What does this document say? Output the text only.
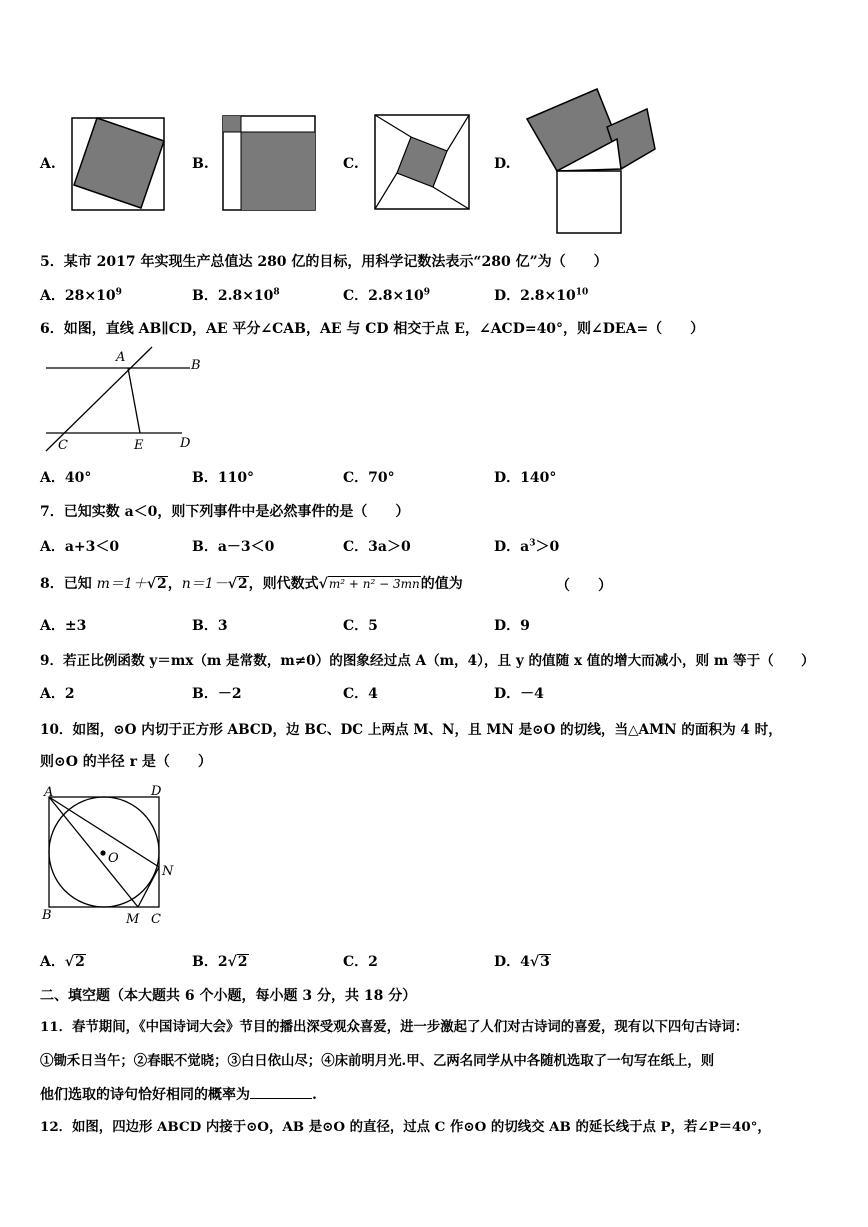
A.	B.	C.	D.
5．某市 2017 年实现生产总值达 280 亿的目标，用科学记数法表示“280 亿”为（　　）
A．$28\times 10^9$	B．$2.8\times 10^8$	C．$2.8\times 10^9$	D．$2.8\times 10^{10}$
6．如图，直线 AB∥CD，AE 平分∠CAB，AE 与 CD 相交于点 E，∠ACD=40°，则∠DEA=（　　）
A
B
C	E	D
A．40°	B．110°	C．70°	D．140°
7．已知实数 a＜0，则下列事件中是必然事件的是（　　）
A．a+3＜0	B．a－3＜0	C．3a＞0	D．$a^3>0$
8．已知 m＝1＋√2，n＝1－√2，则代数式√m² + n² − 3mn的值为	（　　）
A．±3	B．3	C．5	D．9
9．若正比例函数 y＝mx（m 是常数，m≠0）的图象经过点 A（m，4），且 y 的值随 x 值的增大而减小，则 m 等于（　　）
A．2	B．－2	C．4	D．－4
10．如图，⊙O 内切于正方形 ABCD，边 BC、DC 上两点 M、N，且 MN 是⊙O 的切线，当△AMN 的面积为 4 时，
则⊙O 的半径 r 是（　　）
A	D
B	M C
N
O
A．√2	B．2√2	C．2	D．4√3
二、填空题（本大题共 6 个小题，每小题 3 分，共 18 分）
11．春节期间，《中国诗词大会》节目的播出深受观众喜爱，进一步激起了人们对古诗词的喜爱，现有以下四句古诗词：
①锄禾日当午；②春眠不觉晓；③白日依山尽；④床前明月光.甲、乙两名同学从中各随机选取了一句写在纸上，则
他们选取的诗句恰好相同的概率为	.
12．如图，四边形 ABCD 内接于⊙O，AB 是⊙O 的直径，过点 C 作⊙O 的切线交 AB 的延长线于点 P，若∠P＝40°，
